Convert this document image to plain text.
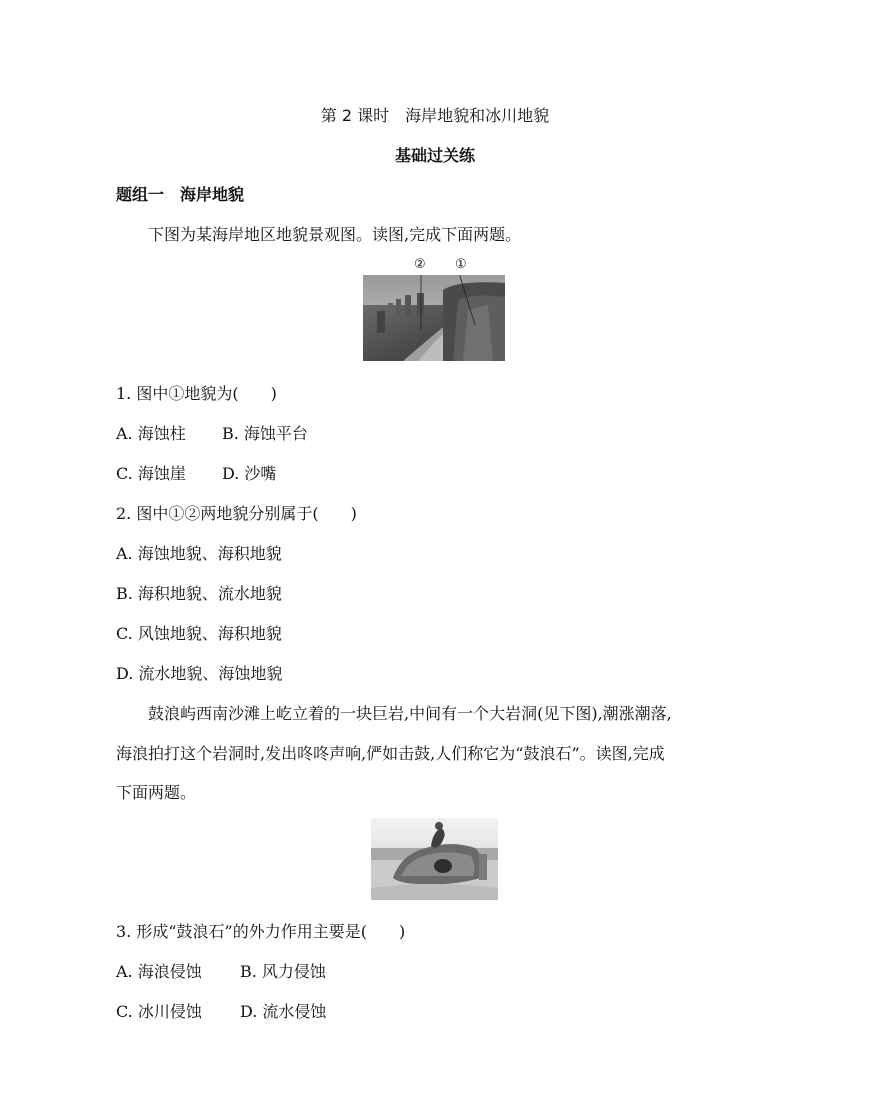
第 2 课时　海岸地貌和冰川地貌
基础过关练
题组一　海岸地貌
下图为某海岸地区地貌景观图。读图,完成下面两题。
② ①
1. 图中①地貌为(　　)
A. 海蚀柱 B. 海蚀平台
C. 海蚀崖 D. 沙嘴
2. 图中①②两地貌分别属于(　　)
A. 海蚀地貌、海积地貌
B. 海积地貌、流水地貌
C. 风蚀地貌、海积地貌
D. 流水地貌、海蚀地貌
鼓浪屿西南沙滩上屹立着的一块巨岩,中间有一个大岩洞(见下图),潮涨潮落,
海浪拍打这个岩洞时,发出咚咚声响,俨如击鼓,人们称它为“鼓浪石”。读图,完成
下面两题。
3. 形成“鼓浪石”的外力作用主要是(　　)
A. 海浪侵蚀 B. 风力侵蚀
C. 冰川侵蚀 D. 流水侵蚀
